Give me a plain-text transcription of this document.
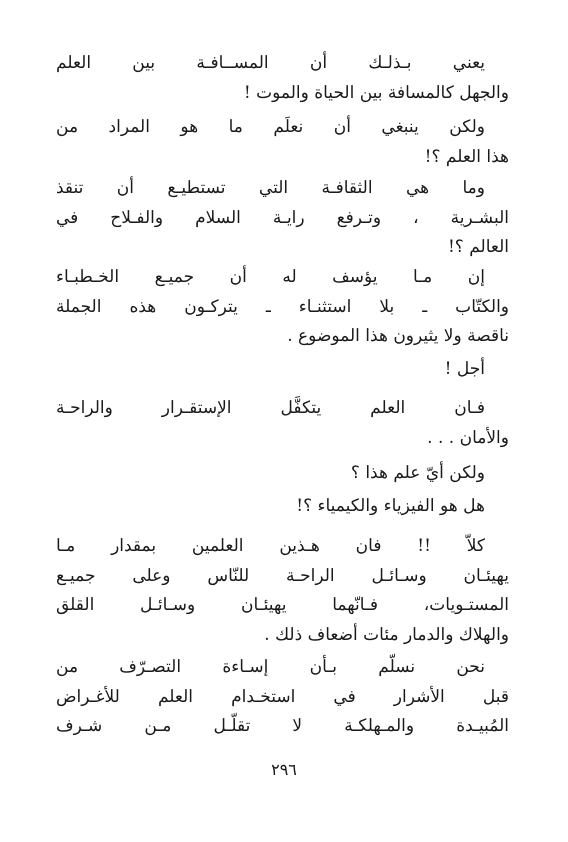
يعني بـذلـك أن المســافـة بين العلم
والجهل كالمسافة بين الحياة والموت !
ولكن ينبغي أن نعلَم ما هو المراد من
هذا العلم ؟!
وما هي الثقافـة التي تستطيـع أن تنقذ
البشـرية ، وتـرفع رايـة السلام والفـلاح في
العالم ؟!
إن مـا يؤسف له أن جميـع الخـطبـاء
والكتّاب ـ بلا استثنـاء ـ يتركـون هذه الجملة
ناقصة ولا يثيرون هذا الموضوع .
أجل !
فـان العلم يتكفَّل الإستقـرار والراحـة
والأمان . . .
ولكن أيّ علم هذا ؟
هل هو الفيزياء والكيمياء ؟!
كلاّ !! فان هـذين العلمين بمقدار مـا
يهيئـان وسـائـل الراحـة للنّاس وعلى جميـع
المستـويات، فـانّهما يهيئـان وسـائـل القلق
والهلاك والدمار مئات أضعاف ذلك .
نحن نسلّم بـأن إسـاءة التصـرّف من
قبل الأشرار في استخـدام العلم للأغـراض
المُبيـدة والمـهلكـة لا تقلّـل مـن شـرف
٢٩٦
